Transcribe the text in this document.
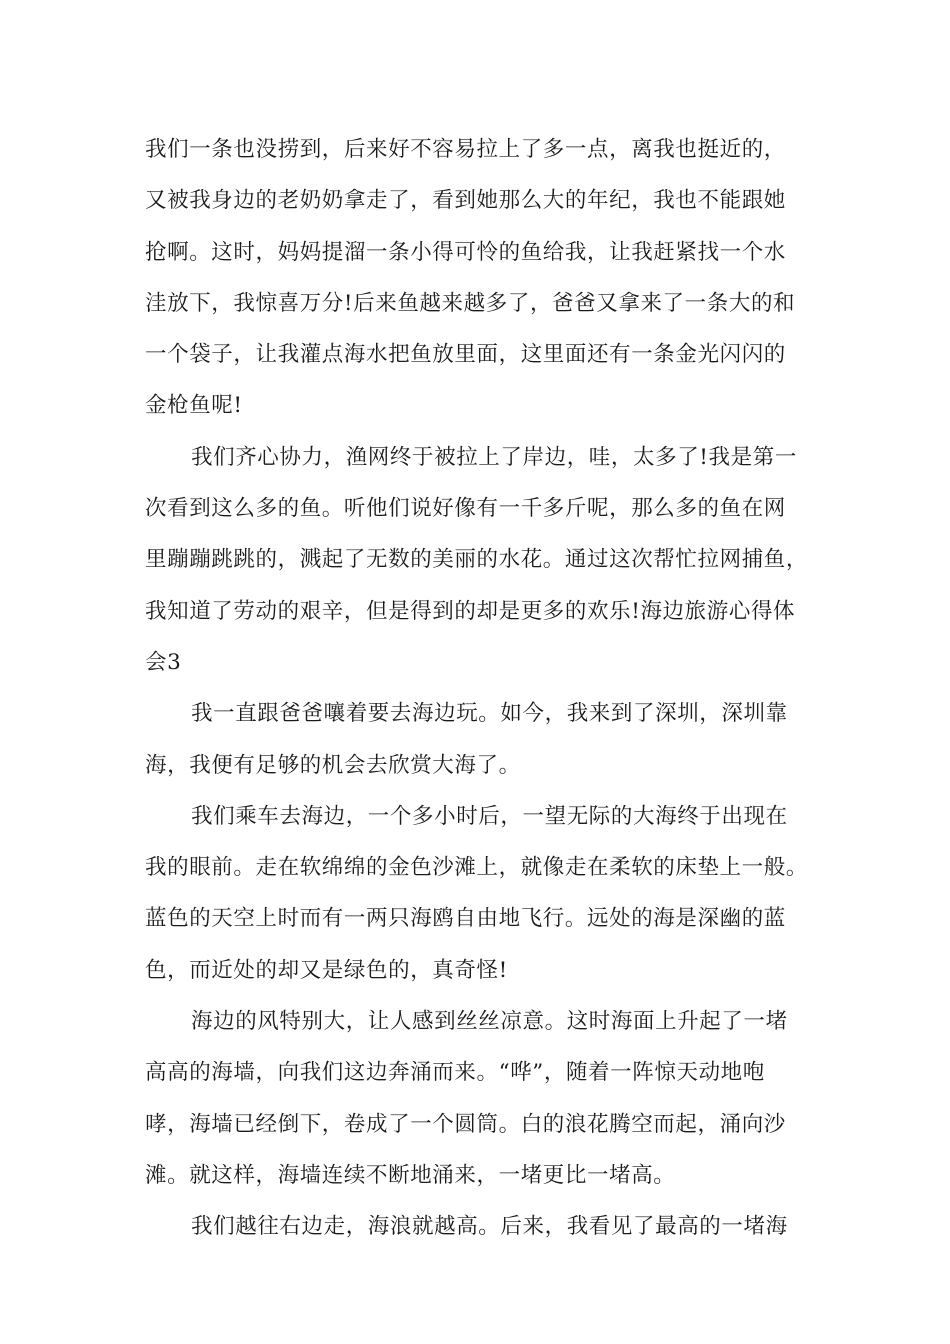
我们一条也没捞到，后来好不容易拉上了多一点，离我也挺近的，
又被我身边的老奶奶拿走了，看到她那么大的年纪，我也不能跟她
抢啊。这时，妈妈提溜一条小得可怜的鱼给我，让我赶紧找一个水
洼放下，我惊喜万分!后来鱼越来越多了，爸爸又拿来了一条大的和
一个袋子，让我灌点海水把鱼放里面，这里面还有一条金光闪闪的
金枪鱼呢!
我们齐心协力，渔网终于被拉上了岸边，哇，太多了!我是第一
次看到这么多的鱼。听他们说好像有一千多斤呢，那么多的鱼在网
里蹦蹦跳跳的，溅起了无数的美丽的水花。通过这次帮忙拉网捕鱼，
我知道了劳动的艰辛，但是得到的却是更多的欢乐!海边旅游心得体
会3
我一直跟爸爸嚷着要去海边玩。如今，我来到了深圳，深圳靠
海，我便有足够的机会去欣赏大海了。
我们乘车去海边，一个多小时后，一望无际的大海终于出现在
我的眼前。走在软绵绵的金色沙滩上，就像走在柔软的床垫上一般。
蓝色的天空上时而有一两只海鸥自由地飞行。远处的海是深幽的蓝
色，而近处的却又是绿色的，真奇怪!
海边的风特别大，让人感到丝丝凉意。这时海面上升起了一堵
高高的海墙，向我们这边奔涌而来。“哗”，随着一阵惊天动地咆
哮，海墙已经倒下，卷成了一个圆筒。白的浪花腾空而起，涌向沙
滩。就这样，海墙连续不断地涌来，一堵更比一堵高。
我们越往右边走，海浪就越高。后来，我看见了最高的一堵海
